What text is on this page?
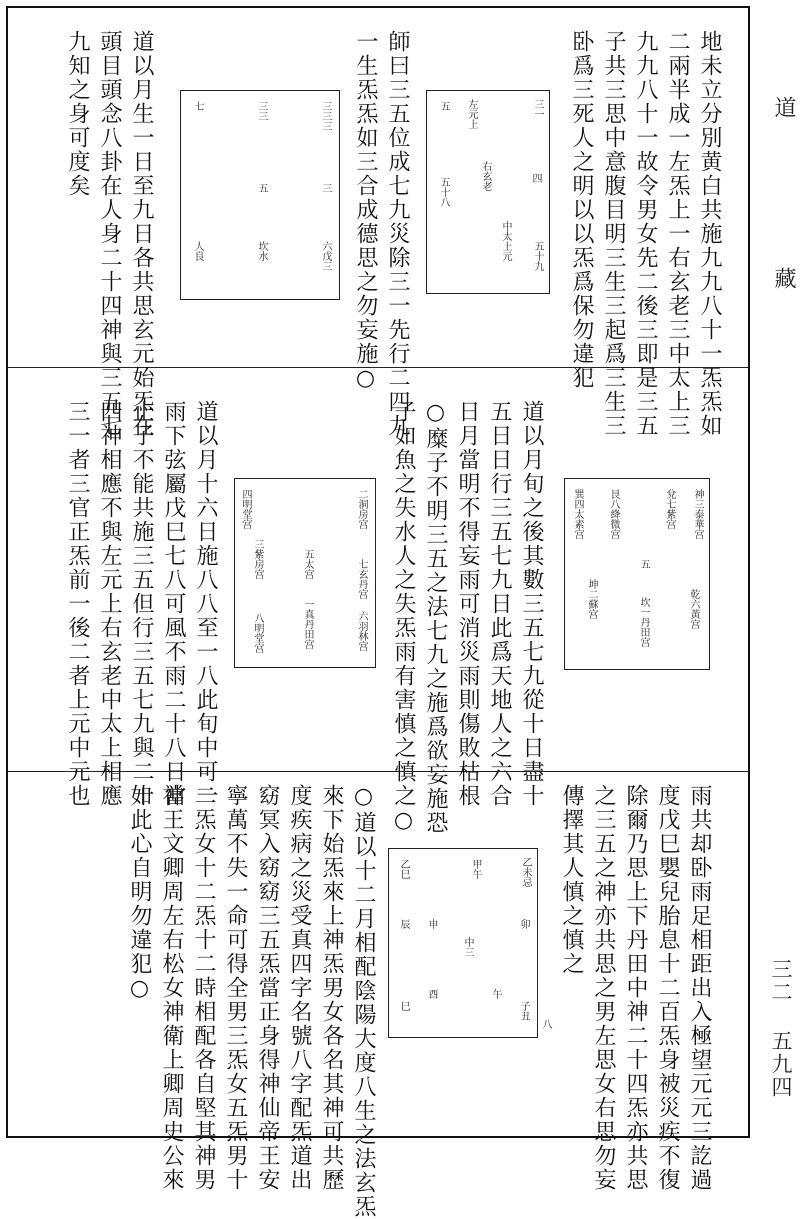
地未立分別黄白共施九九八十一炁炁如
二兩半成一左炁上一右玄老三中太上三
九九八十一故令男女先二後三即是三五
子共三思中意腹目明三生三起爲三生三
卧爲三死人之明以以炁爲保勿違犯
三一
左元上
右玄老
中太上元 五十九
四
五十八
五
師曰三五位成七九災除三一先行二四九
一生炁炁如三合成德思之勿妄施○
三三三
三三
五
六戊三
三
坎水
人良
七
道以月生一日至九日各共思玄元始炁在
頭目頭念八卦在人身二十四神與三五七
九知之身可度矣
道以月旬之後其數三五七九從十日盡十
五日日行三五七九日此爲天地人之六合
日月當明不得妄雨可消災雨則傷敗枯根
○糜子不明三五之法七九之施爲欲妄施恐
子如魚之失水人之失炁雨有害慎之慎之○	神三泰華宫
兌七紫宫
乾六黃宫
五
坎一丹田宫
巽四太素宫
坤二蘇宫
艮八絳微宫
二洞房宫
七玄丹宫
六羽林宫
五太宫
一真丹田宫
八明堂宫
四明堂宫
三紫房宫
道以月十六日施八八至一八此旬中可一
雨下弦屬戊巳七八可風不雨二十八日當
止子不能共施三五但行三五七九與二十
四神相應不與左元上右玄老中太上相應
三一者三官正炁前一後二者上元中元也
雨共却卧雨足相距出入極望元元三訖過
度戊巳嬰兒胎息十二百炁身被災疾不復
除爾乃思上下丹田中神二十四炁亦共思
之三五之神亦共思之男左思女右思勿妄
傳擇其人慎之慎之
乙未忌
甲午
乙巳
中三
卯
子丑
辰
巳
申
酉	午
八
○道以十二月相配陰陽大度八生之法玄炁
來下始炁來上神炁男女各名其神可共歷
度疾病之災受真四字名號八字配炁道出
窈冥入窈窈三五炁當正身得神仙帝王安
寧萬不失一命可得全男三炁女五炁男十
二炁女十二炁十二時相配各自堅其神男
神王文卿周左右松女神衛上卿周史公來
如此心自明勿違犯○
道 藏
三二 五九四
